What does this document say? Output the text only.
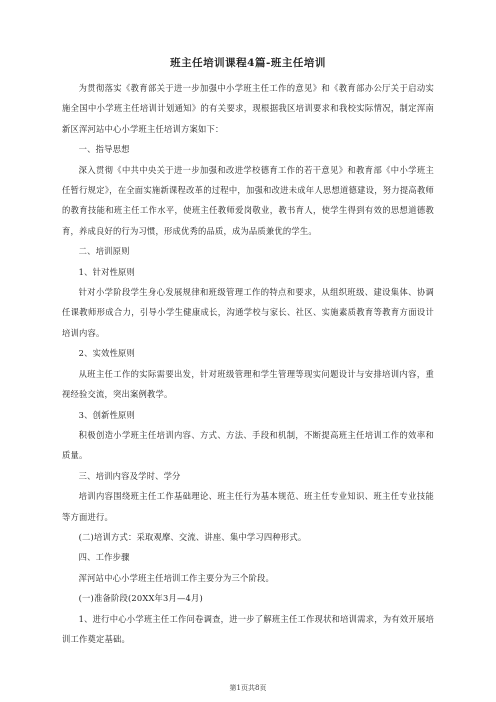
班主任培训课程4篇-班主任培训

为贯彻落实《教育部关于进一步加强中小学班主任工作的意见》和《教育部办公厅关于启动实施全国中小学班主任培训计划通知》的有关要求，现根据我区培训要求和我校实际情况，制定浑南新区浑河站中心小学班主任培训方案如下：

一、指导思想

深入贯彻《中共中央关于进一步加强和改进学校德育工作的若干意见》和教育部《中小学班主任暂行规定》，在全面实施新课程改革的过程中，加强和改进未成年人思想道德建设，努力提高教师的教育技能和班主任工作水平，使班主任教师爱岗敬业，教书育人，使学生得到有效的思想道德教育，养成良好的行为习惯，形成优秀的品质，成为品质兼优的学生。

二、培训原则

1、针对性原则

针对小学阶段学生身心发展规律和班级管理工作的特点和要求，从组织班级、建设集体、协调任课教师形成合力，引导小学生健康成长，沟通学校与家长、社区、实施素质教育等教育方面设计培训内容。

2、实效性原则

从班主任工作的实际需要出发，针对班级管理和学生管理等现实问题设计与安排培训内容，重视经验交流，突出案例教学。

3、创新性原则

积极创造小学班主任培训内容、方式、方法、手段和机制，不断提高班主任培训工作的效率和质量。

三、培训内容及学时、学分

培训内容围绕班主任工作基础理论、班主任行为基本规范、班主任专业知识、班主任专业技能等方面进行。

(二)培训方式：采取观摩、交流、讲座、集中学习四种形式。

四、工作步骤

浑河站中心小学班主任培训工作主要分为三个阶段。

(一)准备阶段(20XX年3月—4月)

1、进行中心小学班主任工作问卷调查，进一步了解班主任工作现状和培训需求，为有效开展培训工作奠定基础。

第1页共8页
